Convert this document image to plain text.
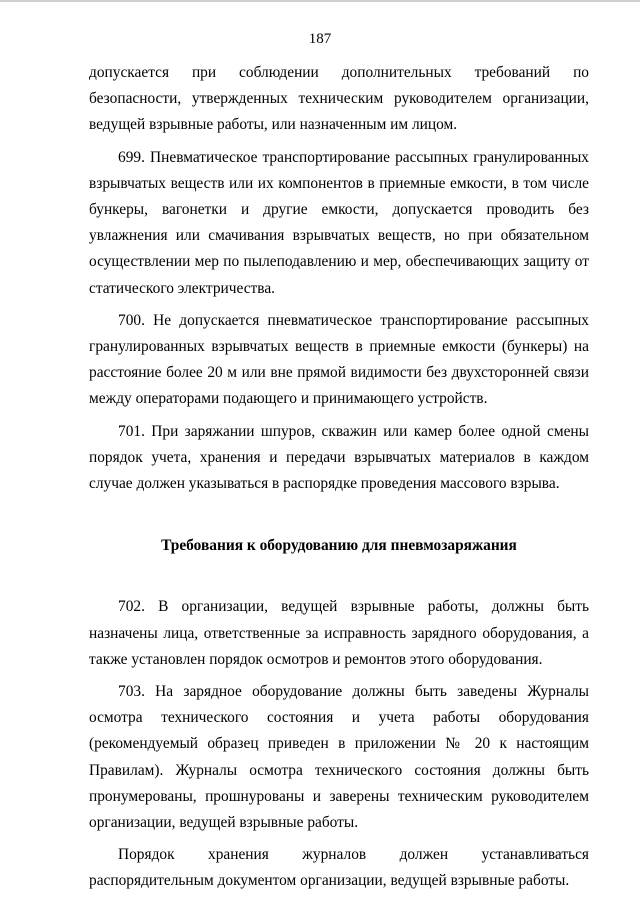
187

допускается при соблюдении дополнительных требований по безопасности, утвержденных техническим руководителем организации, ведущей взрывные работы, или назначенным им лицом.

699. Пневматическое транспортирование рассыпных гранулированных взрывчатых веществ или их компонентов в приемные емкости, в том числе бункеры, вагонетки и другие емкости, допускается проводить без увлажнения или смачивания взрывчатых веществ, но при обязательном осуществлении мер по пылеподавлению и мер, обеспечивающих защиту от статического электричества.

700. Не допускается пневматическое транспортирование рассыпных гранулированных взрывчатых веществ в приемные емкости (бункеры) на расстояние более 20 м или вне прямой видимости без двухсторонней связи между операторами подающего и принимающего устройств.

701. При заряжании шпуров, скважин или камер более одной смены порядок учета, хранения и передачи взрывчатых материалов в каждом случае должен указываться в распорядке проведения массового взрыва.

Требования к оборудованию для пневмозаряжания

702. В организации, ведущей взрывные работы, должны быть назначены лица, ответственные за исправность зарядного оборудования, а также установлен порядок осмотров и ремонтов этого оборудования.

703. На зарядное оборудование должны быть заведены Журналы осмотра технического состояния и учета работы оборудования (рекомендуемый образец приведен в приложении № 20 к настоящим Правилам). Журналы осмотра технического состояния должны быть пронумерованы, прошнурованы и заверены техническим руководителем организации, ведущей взрывные работы.

Порядок хранения журналов должен устанавливаться распорядительным документом организации, ведущей взрывные работы.
